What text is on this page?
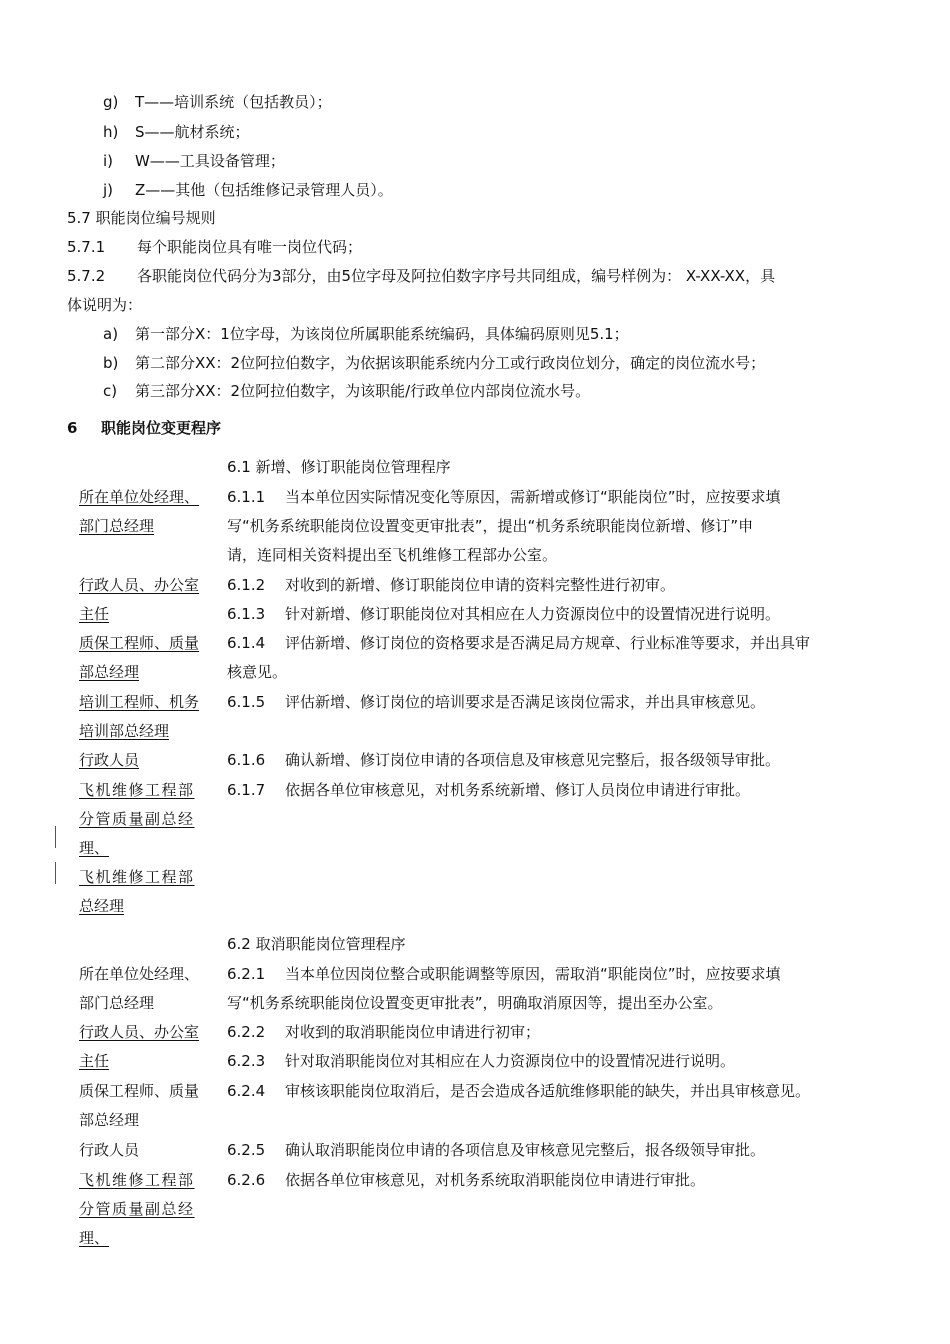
g) T——培训系统（包括教员）；
h) S——航材系统；
i) W——工具设备管理；
j) Z——其他（包括维修记录管理人员）。
5.7 职能岗位编号规则
5.7.1 每个职能岗位具有唯一岗位代码；
5.7.2 各职能岗位代码分为3部分，由5位字母及阿拉伯数字序号共同组成，编号样例为： X-XX-XX，具
体说明为：
a) 第一部分X：1位字母，为该岗位所属职能系统编码，具体编码原则见5.1；
b) 第二部分XX：2位阿拉伯数字，为依据该职能系统内分工或行政岗位划分，确定的岗位流水号；
c) 第三部分XX：2位阿拉伯数字，为该职能/行政单位内部岗位流水号。
6 职能岗位变更程序
6.1 新增、修订职能岗位管理程序
所在单位处经理、
部门总经理
行政人员、办公室
主任
质保工程师、质量
部总经理
培训工程师、机务
培训部总经理
行政人员
飞机维修工程部
分管质量副总经
理、
飞机维修工程部
总经理
6.1.1 当本单位因实际情况变化等原因，需新增或修订“职能岗位”时，应按要求填
写“机务系统职能岗位设置变更审批表”，提出“机务系统职能岗位新增、修订”申
请，连同相关资料提出至飞机维修工程部办公室。
6.1.2 对收到的新增、修订职能岗位申请的资料完整性进行初审。
6.1.3 针对新增、修订职能岗位对其相应在人力资源岗位中的设置情况进行说明。
6.1.4 评估新增、修订岗位的资格要求是否满足局方规章、行业标准等要求，并出具审
核意见。
6.1.5 评估新增、修订岗位的培训要求是否满足该岗位需求，并出具审核意见。
6.1.6 确认新增、修订岗位申请的各项信息及审核意见完整后，报各级领导审批。
6.1.7 依据各单位审核意见，对机务系统新增、修订人员岗位申请进行审批。
6.2 取消职能岗位管理程序
所在单位处经理、
部门总经理
行政人员、办公室
主任
质保工程师、质量
部总经理
行政人员
飞机维修工程部
分管质量副总经
理、
6.2.1 当本单位因岗位整合或职能调整等原因，需取消“职能岗位”时，应按要求填
写“机务系统职能岗位设置变更审批表”，明确取消原因等，提出至办公室。
6.2.2 对收到的取消职能岗位申请进行初审；
6.2.3 针对取消职能岗位对其相应在人力资源岗位中的设置情况进行说明。
6.2.4 审核该职能岗位取消后，是否会造成各适航维修职能的缺失，并出具审核意见。
6.2.5 确认取消职能岗位申请的各项信息及审核意见完整后，报各级领导审批。
6.2.6 依据各单位审核意见，对机务系统取消职能岗位申请进行审批。
